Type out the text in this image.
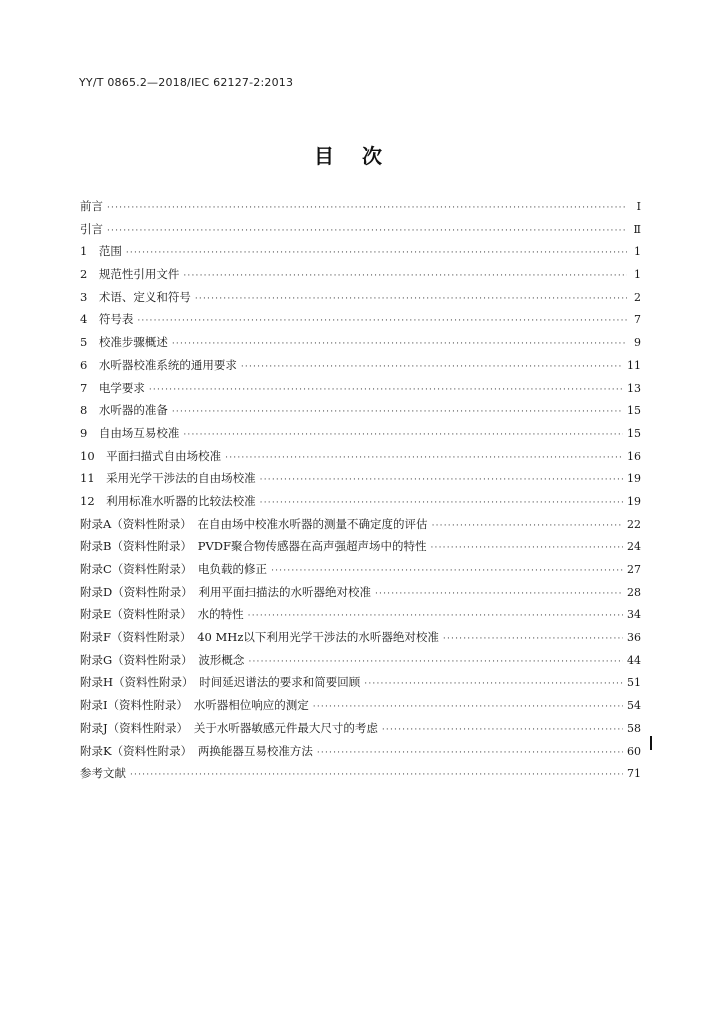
YY/T 0865.2—2018/IEC 62127-2:2013
目次
前言 ·····	Ⅰ
引言 ·····	Ⅱ
1　范围 ·····	1
2　规范性引用文件 ·····	1
3　术语、定义和符号 ·····	2
4　符号表 ·····	7
5　校准步骤概述 ·····	9
6　水听器校准系统的通用要求 ·····	11
7　电学要求 ·····	13
8　水听器的准备 ·····	15
9　自由场互易校准 ·····	15
10　平面扫描式自由场校准 ·····	16
11　采用光学干涉法的自由场校准 ·····	19
12　利用标准水听器的比较法校准 ·····	19
附录A（资料性附录）　在自由场中校准水听器的测量不确定度的评估 ·····	22
附录B（资料性附录）　PVDF聚合物传感器在高声强超声场中的特性 ·····	24
附录C（资料性附录）　电负载的修正 ·····	27
附录D（资料性附录）　利用平面扫描法的水听器绝对校准 ·····	28
附录E（资料性附录）　水的特性 ·····	34
附录F（资料性附录）　40 MHz以下利用光学干涉法的水听器绝对校准 ·····	36
附录G（资料性附录）　波形概念 ·····	44
附录H（资料性附录）　时间延迟谱法的要求和简要回顾 ·····	51
附录I（资料性附录）　水听器相位响应的测定 ·····	54
附录J（资料性附录）　关于水听器敏感元件最大尺寸的考虑 ·····	58
附录K（资料性附录）　两换能器互易校准方法 ·····	60
参考文献 ·····	71
